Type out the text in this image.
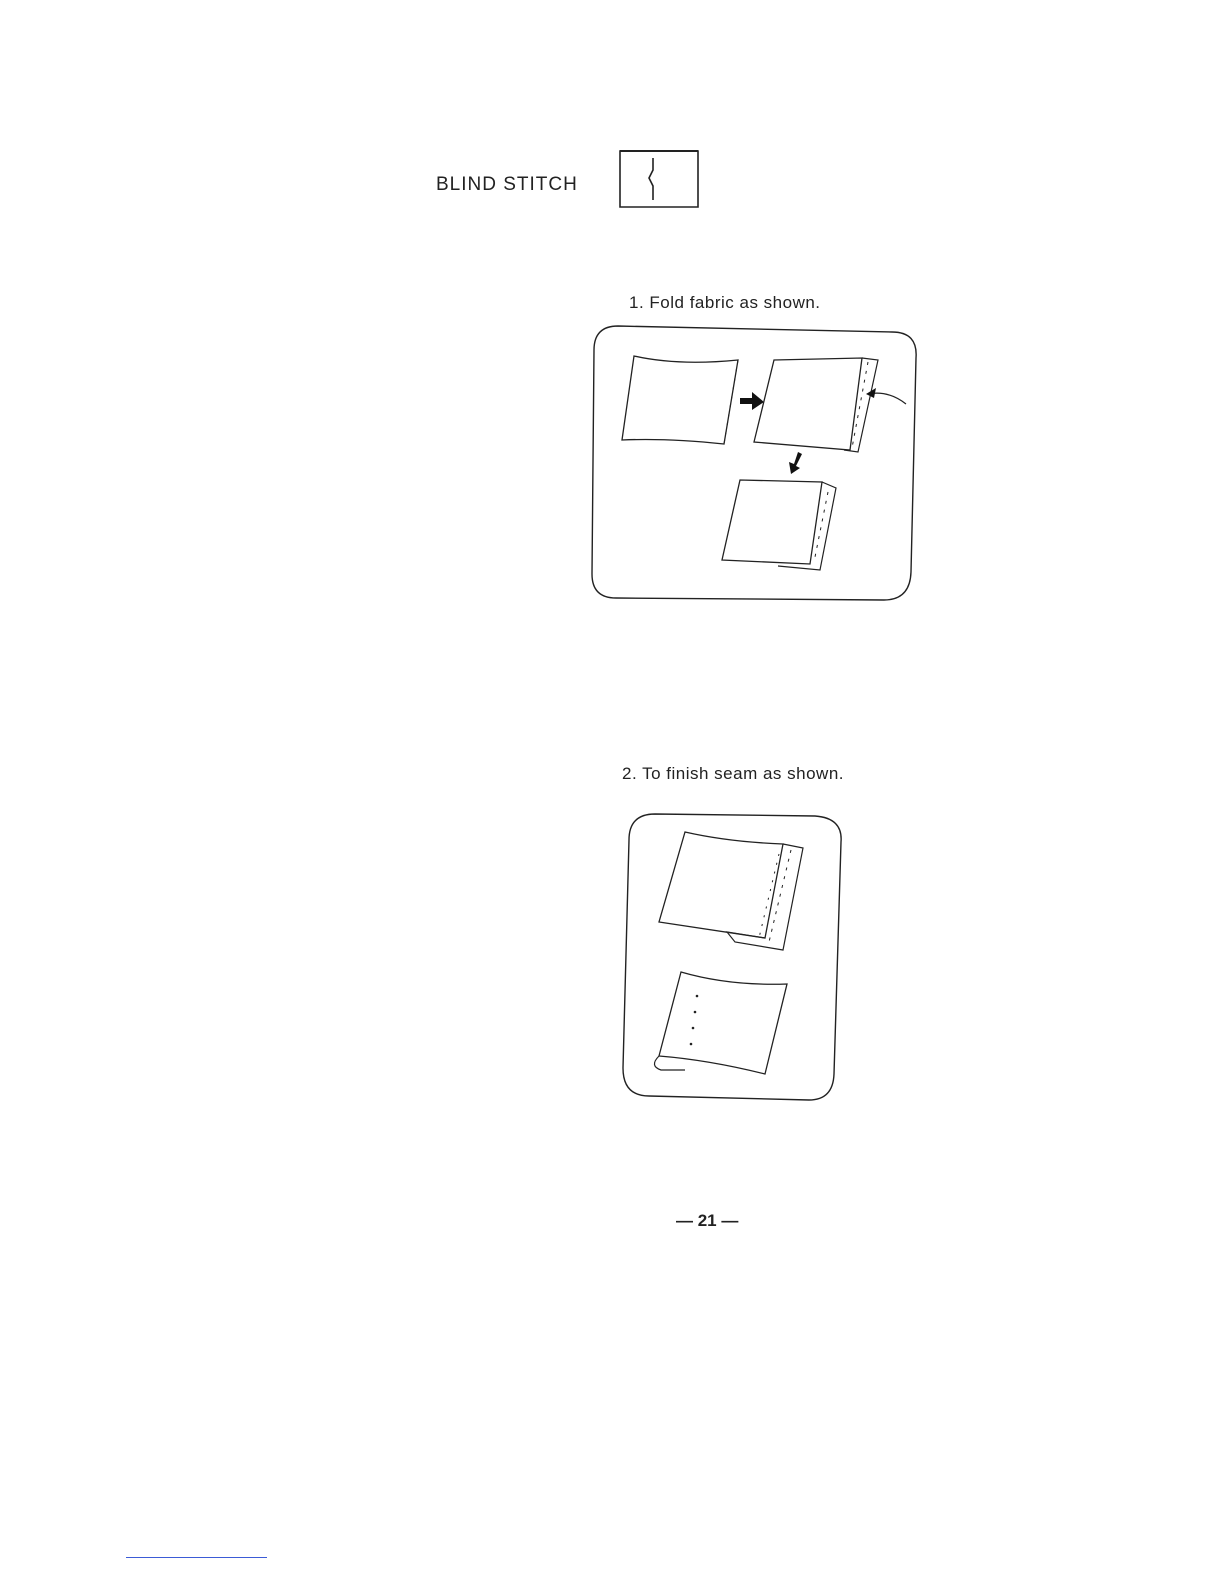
BLIND STITCH
1. Fold fabric as shown.
2. To finish seam as shown.
— 21 —
